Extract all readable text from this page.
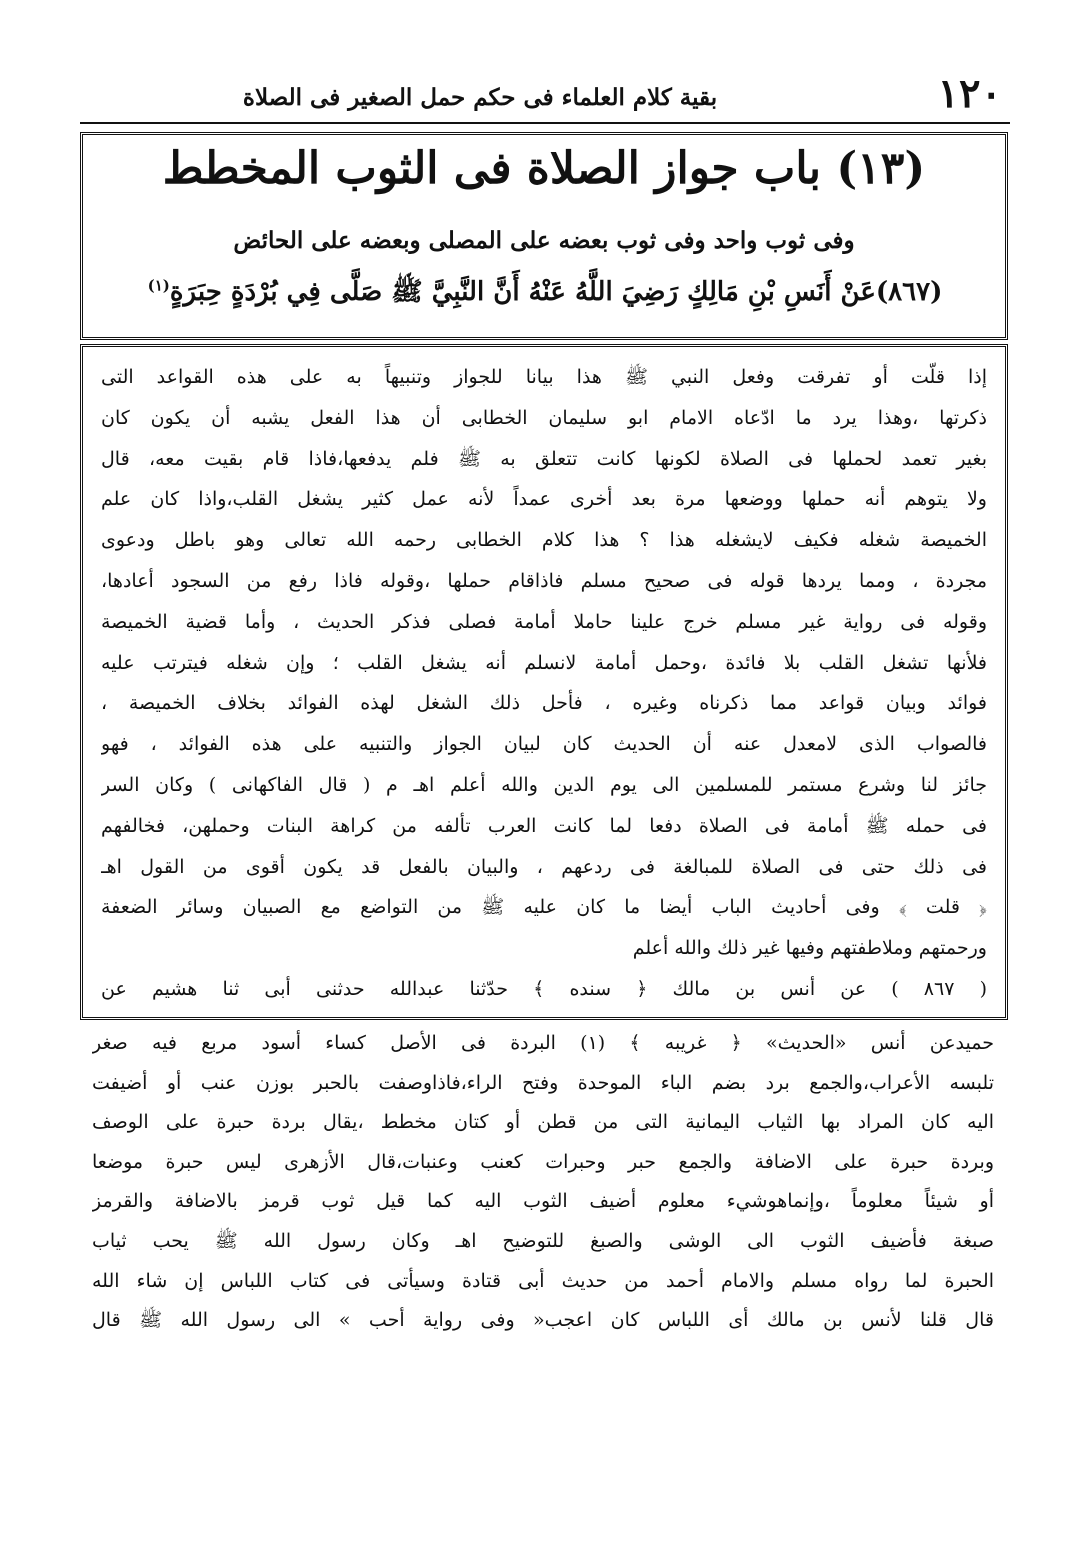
١٢٠
بقية كلام العلماء فى حكم حمل الصغير فى الصلاة
(١٣) باب جواز الصلاة فى الثوب المخطط
وفى ثوب واحد وفى ثوب بعضه على المصلى وبعضه على الحائض
(٨٦٧)عَنْ أَنَسِ بْنِ مَالِكٍ رَضِيَ اللَّهُ عَنْهُ أَنَّ النَّبِيَّ ﷺ صَلَّى فِي بُرْدَةٍ حِبَرَةٍ$^{(١)}$
إذا قلّت أو تفرقت وفعل النبي ﷺ هذا بيانا للجواز وتنبيهاً به على هذه القواعد التى
ذكرتها ،وهذا يرد ما ادّعاه الامام ابو سليمان الخطابى أن هذا الفعل يشبه أن يكون كان
بغير تعمد لحملها فى الصلاة لكونها كانت تتعلق به ﷺ فلم يدفعها،فاذا قام بقيت معه، قال
ولا يتوهم أنه حملها ووضعها مرة بعد أخرى عمداً لأنه عمل كثير يشغل القلب،واذا كان علم
الخميصة شغله فكيف لايشغله هذا ؟ هذا كلام الخطابى رحمه الله تعالى وهو باطل ودعوى
مجردة ، ومما يردها قوله فى صحيح مسلم فاذاقام حملها ،وقوله فاذا رفع من السجود أعادها،
وقوله فى رواية غير مسلم خرج علينا حاملا أمامة فصلى فذكر الحديث ، وأما قضية الخميصة
فلأنها تشغل القلب بلا فائدة ،وحمل أمامة لانسلم أنه يشغل القلب ؛ وإن شغله فيترتب عليه
فوائد وبيان قواعد مما ذكرناه وغيره ، فأحل ذلك الشغل لهذه الفوائد بخلاف الخميصة ،
فالصواب الذى لامعدل عنه أن الحديث كان لبيان الجواز والتنبيه على هذه الفوائد ، فهو
جائز لنا وشرع مستمر للمسلمين الى يوم الدين والله أعلم اهـ م ( قال الفاكهانى ) وكان السر
فى حمله ﷺ أمامة فى الصلاة دفعا لما كانت العرب تألفه من كراهة البنات وحملهن، فخالفهم
فى ذلك حتى فى الصلاة للمبالغة فى ردعهم ، والبيان بالفعل قد يكون أقوى من القول اهـ
﴿ قلت ﴾ وفى أحاديث الباب أيضا ما كان عليه ﷺ من التواضع مع الصبيان وسائر الضعفة
ورحمتهم وملاطفتهم وفيها غير ذلك والله أعلم
( ٨٦٧ ) عن أنس بن مالك ﴿ سنده ﴾ حدّثنا عبدالله حدثنى أبى ثنا هشيم عن
حميدعن أنس «الحديث» ﴿ غريبه ﴾ (١) البردة فى الأصل كساء أسود مربع فيه صغر
تلبسه الأعراب،والجمع برد بضم الباء الموحدة وفتح الراء،فاذاوصفت بالحبر بوزن عنب أو أضيفت
اليه كان المراد بها الثياب اليمانية التى من قطن أو كتان مخطط ،يقال بردة حبرة على الوصف
وبردة حبرة على الاضافة والجمع حبر وحبرات كعنب وعنبات،قال الأزهرى ليس حبرة موضعا
أو شيئاً معلوماً ،وإنماهوشيء معلوم أضيف الثوب اليه كما قيل ثوب قرمز بالاضافة والقرمز
صبغة فأضيف الثوب الى الوشى والصبغ للتوضيح اهـ وكان رسول الله ﷺ يحب ثياب
الحبرة لما رواه مسلم والامام أحمد من حديث أبى قتادة وسيأتى فى كتاب اللباس إن شاء الله
قال قلنا لأنس بن مالك أى اللباس كان اعجب« وفى رواية أحب » الى رسول الله ﷺ قال
